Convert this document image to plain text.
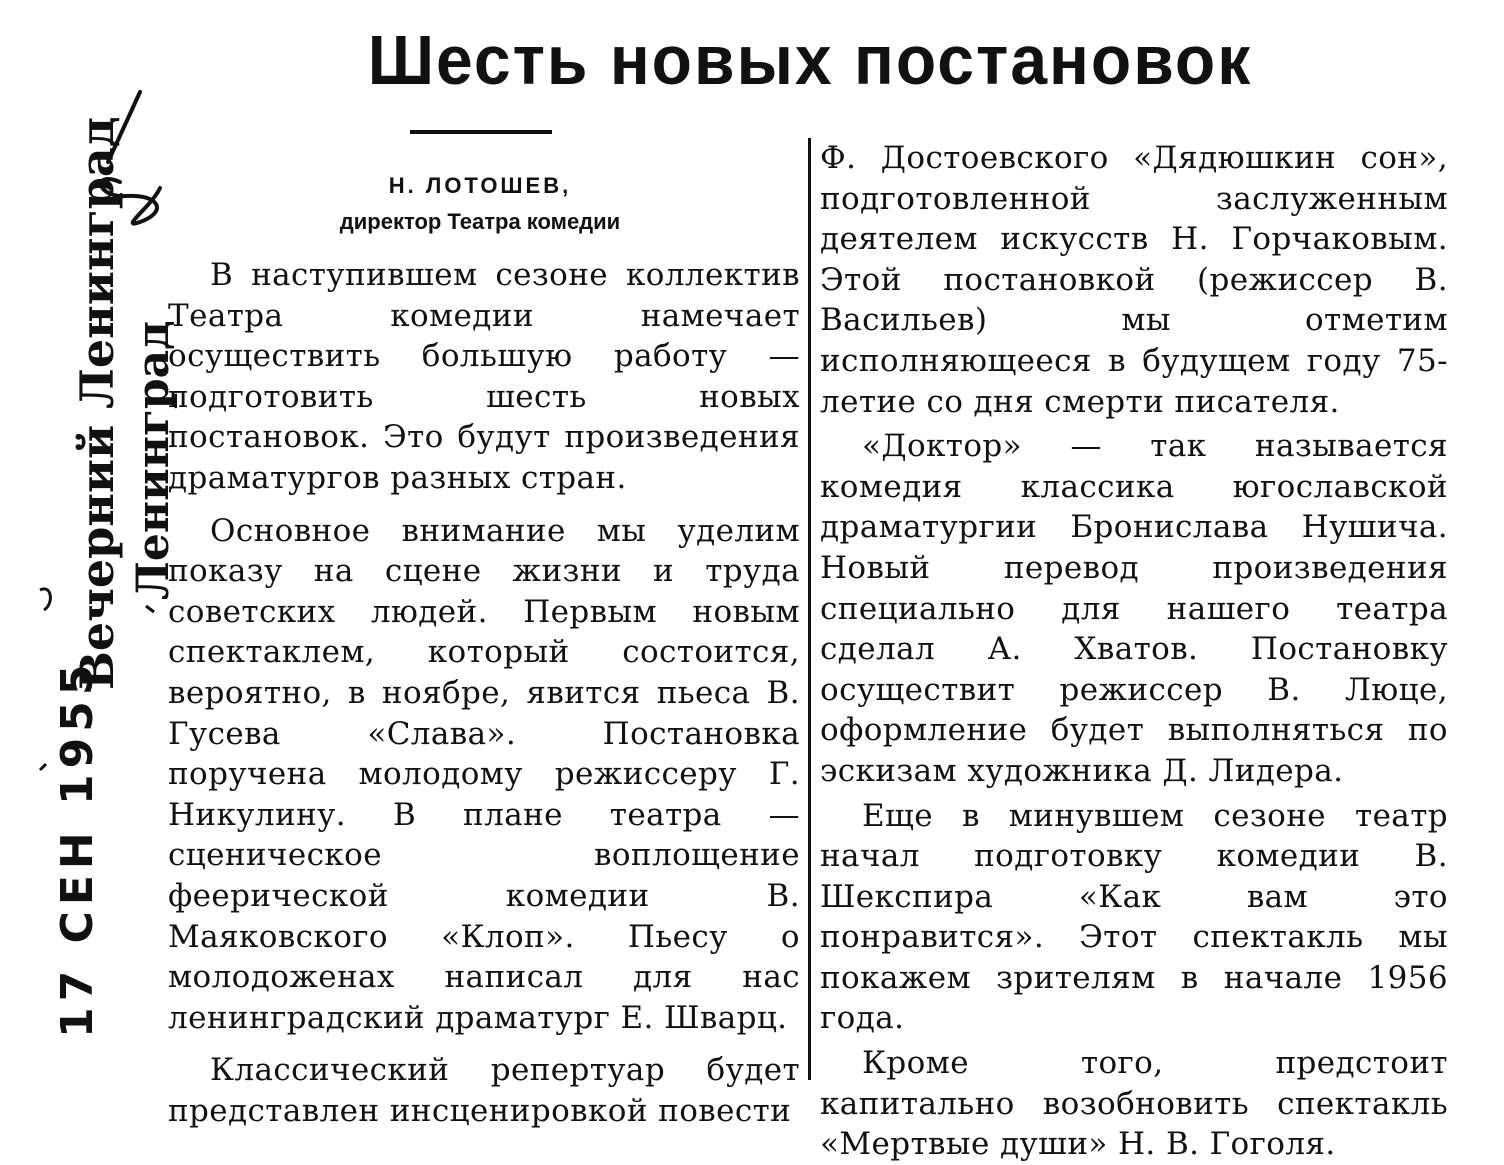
Шесть новых постановок
Н. ЛОТОШЕВ,
директор Театра комедии

В наступившем сезоне коллектив Театра комедии намечает осуществить большую работу — подготовить шесть новых постановок. Это будут произведения драматургов разных стран.

Основное внимание мы уделим показу на сцене жизни и труда советских людей. Первым новым спектаклем, который состоится, вероятно, в ноябре, явится пьеса В. Гусева «Слава». Постановка поручена молодому режиссеру Г. Никулину. В плане театра — сценическое воплощение феерической комедии В. Маяковского «Клоп». Пьесу о молодоженах написал для нас ленинградский драматург Е. Шварц.

Классический репертуар будет представлен инсценировкой повести

Ф. Достоевского «Дядюшкин сон», подготовленной заслуженным деятелем искусств Н. Горчаковым. Этой постановкой (режиссер В. Васильев) мы отметим исполняющееся в будущем году 75-летие со дня смерти писателя.

«Доктор» — так называется комедия классика югославской драматургии Бронислава Нушича. Новый перевод произведения специально для нашего театра сделал А. Хватов. Постановку осуществит режиссер В. Люце, оформление будет выполняться по эскизам художника Д. Лидера.

Еще в минувшем сезоне театр начал подготовку комедии В. Шекспира «Как вам это понравится». Этот спектакль мы покажем зрителям в начале 1956 года.

Кроме того, предстоит капитально возобновить спектакль «Мертвые души» Н. В. Гоголя.

17 СЕН 1955
Вечерний Ленинград Ленинград
